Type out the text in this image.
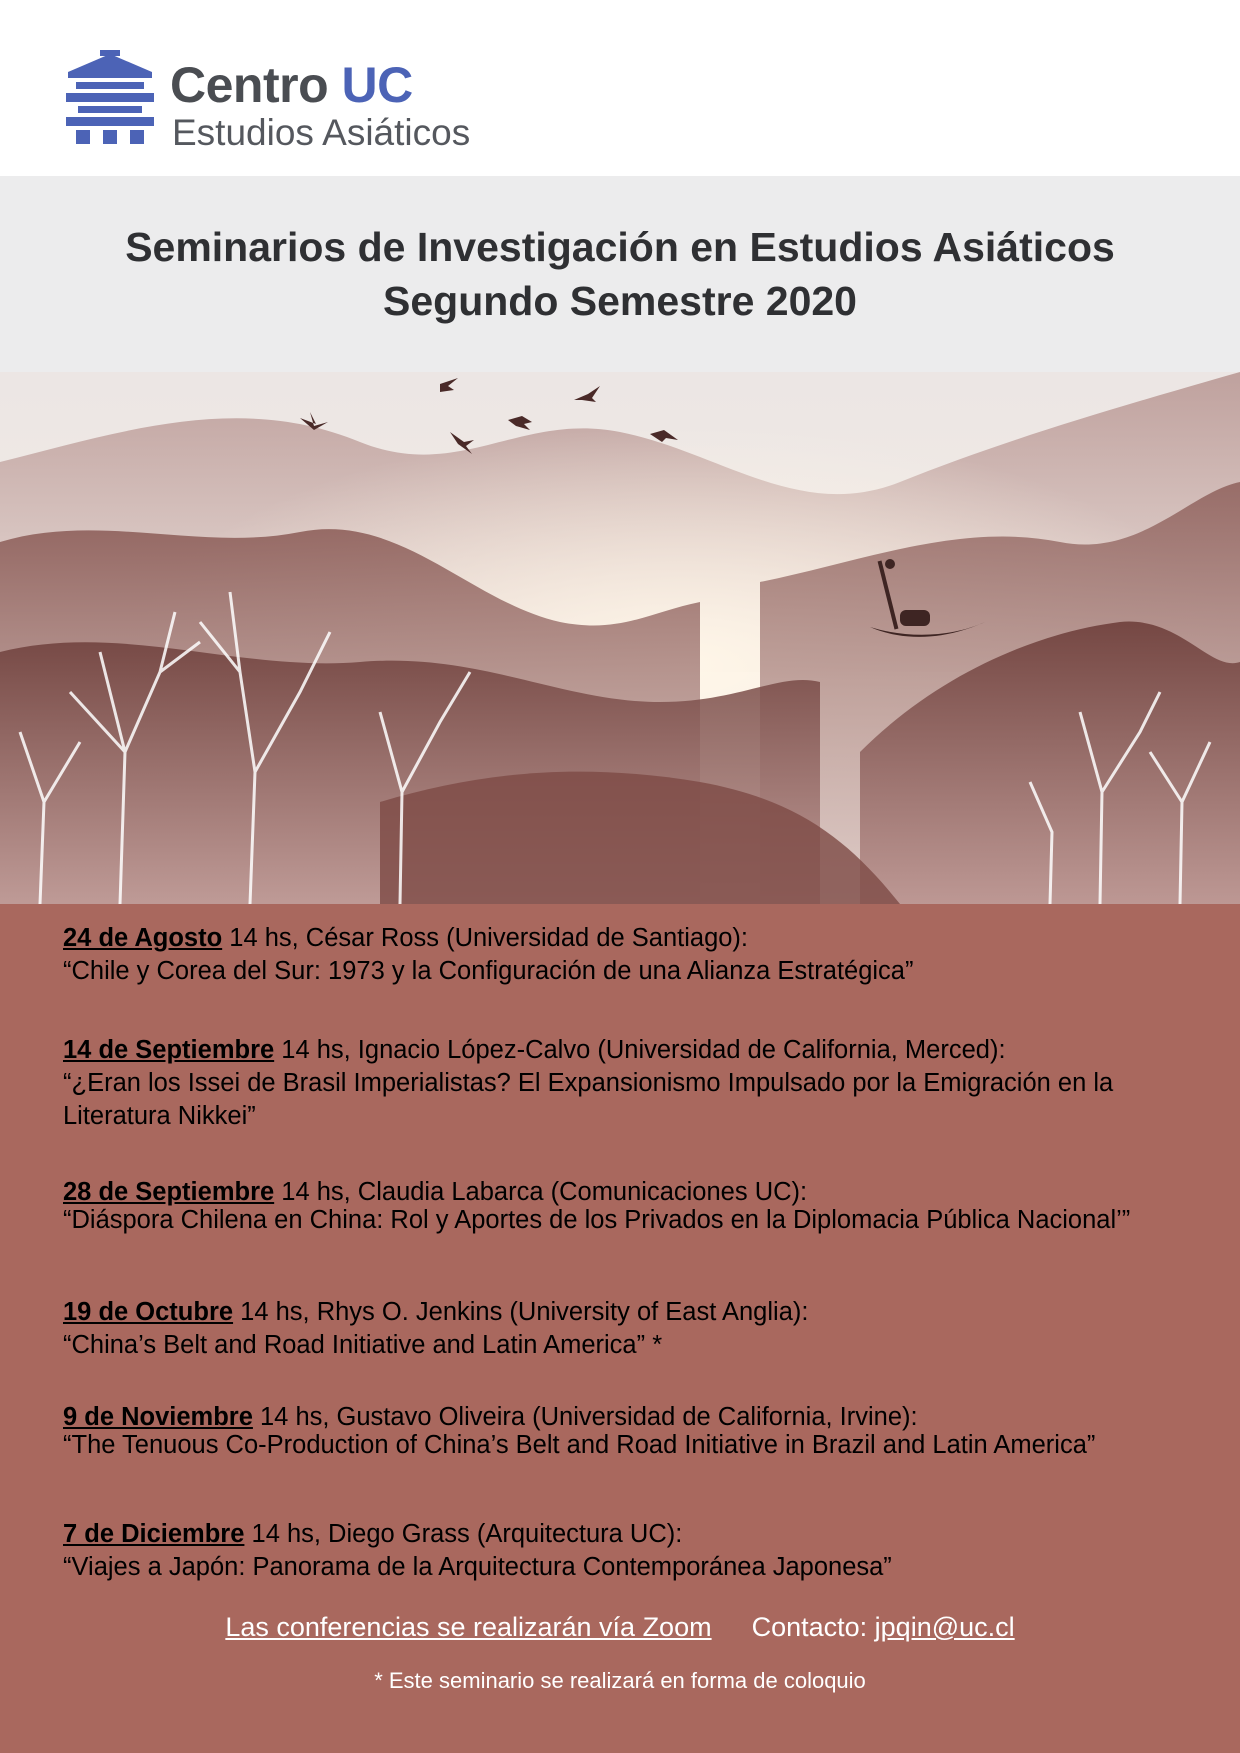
Centro UC
Estudios Asiáticos
Seminarios de Investigación en Estudios Asiáticos
Segundo Semestre 2020
24 de Agosto 14 hs, César Ross (Universidad de Santiago):
“Chile y Corea del Sur: 1973 y la Configuración de una Alianza Estratégica”
14 de Septiembre 14 hs, Ignacio López-Calvo (Universidad de California, Merced):
“¿Eran los Issei de Brasil Imperialistas? El Expansionismo Impulsado por la Emigración en la Literatura Nikkei”
28 de Septiembre 14 hs, Claudia Labarca (Comunicaciones UC):
“Diáspora Chilena en China: Rol y Aportes de los Privados en la Diplomacia Pública Nacional’”
19 de Octubre 14 hs, Rhys O. Jenkins (University of East Anglia):
“China’s Belt and Road Initiative and Latin America” *
9 de Noviembre 14 hs, Gustavo Oliveira (Universidad de California, Irvine):
“The Tenuous Co-Production of China’s Belt and Road Initiative in Brazil and Latin America”
7 de Diciembre 14 hs, Diego Grass (Arquitectura UC):
“Viajes a Japón: Panorama de la Arquitectura Contemporánea Japonesa”
Las conferencias se realizarán vía Zoom Contacto: jpqin@uc.cl
* Este seminario se realizará en forma de coloquio
